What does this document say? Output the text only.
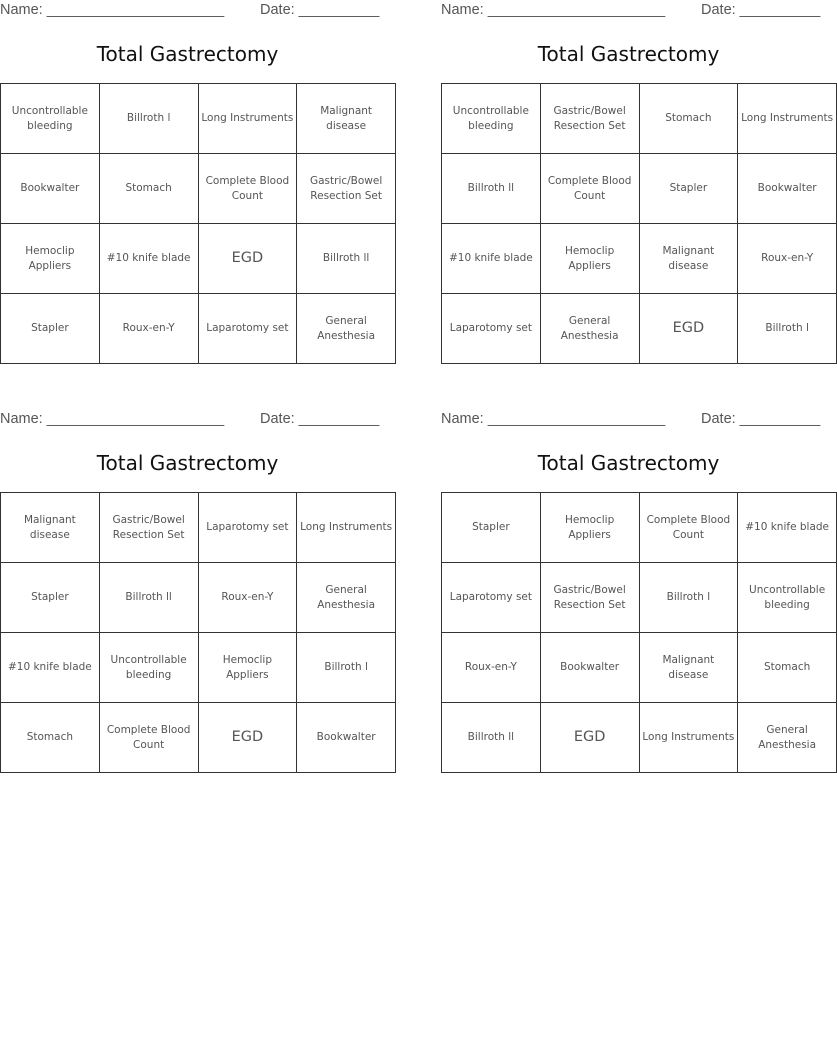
Name: ______________________ Date: __________
Total Gastrectomy
Uncontrollable bleeding	Billroth l	Long Instruments	Malignant disease
Bookwalter	Stomach	Complete Blood Count	Gastric/Bowel Resection Set
Hemoclip Appliers	#10 knife blade	EGD	Billroth ll
Stapler	Roux-en-Y	Laparotomy set	General Anesthesia
Name: ______________________ Date: __________
Total Gastrectomy
Uncontrollable bleeding	Gastric/Bowel Resection Set	Stomach	Long Instruments
Billroth ll	Complete Blood Count	Stapler	Bookwalter
#10 knife blade	Hemoclip Appliers	Malignant disease	Roux-en-Y
Laparotomy set	General Anesthesia	EGD	Billroth l
Name: ______________________ Date: __________
Total Gastrectomy
Malignant disease	Gastric/Bowel Resection Set	Laparotomy set	Long Instruments
Stapler	Billroth ll	Roux-en-Y	General Anesthesia
#10 knife blade	Uncontrollable bleeding	Hemoclip Appliers	Billroth l
Stomach	Complete Blood Count	EGD	Bookwalter
Name: ______________________ Date: __________
Total Gastrectomy
Stapler	Hemoclip Appliers	Complete Blood Count	#10 knife blade
Laparotomy set	Gastric/Bowel Resection Set	Billroth l	Uncontrollable bleeding
Roux-en-Y	Bookwalter	Malignant disease	Stomach
Billroth ll	EGD	Long Instruments	General Anesthesia
